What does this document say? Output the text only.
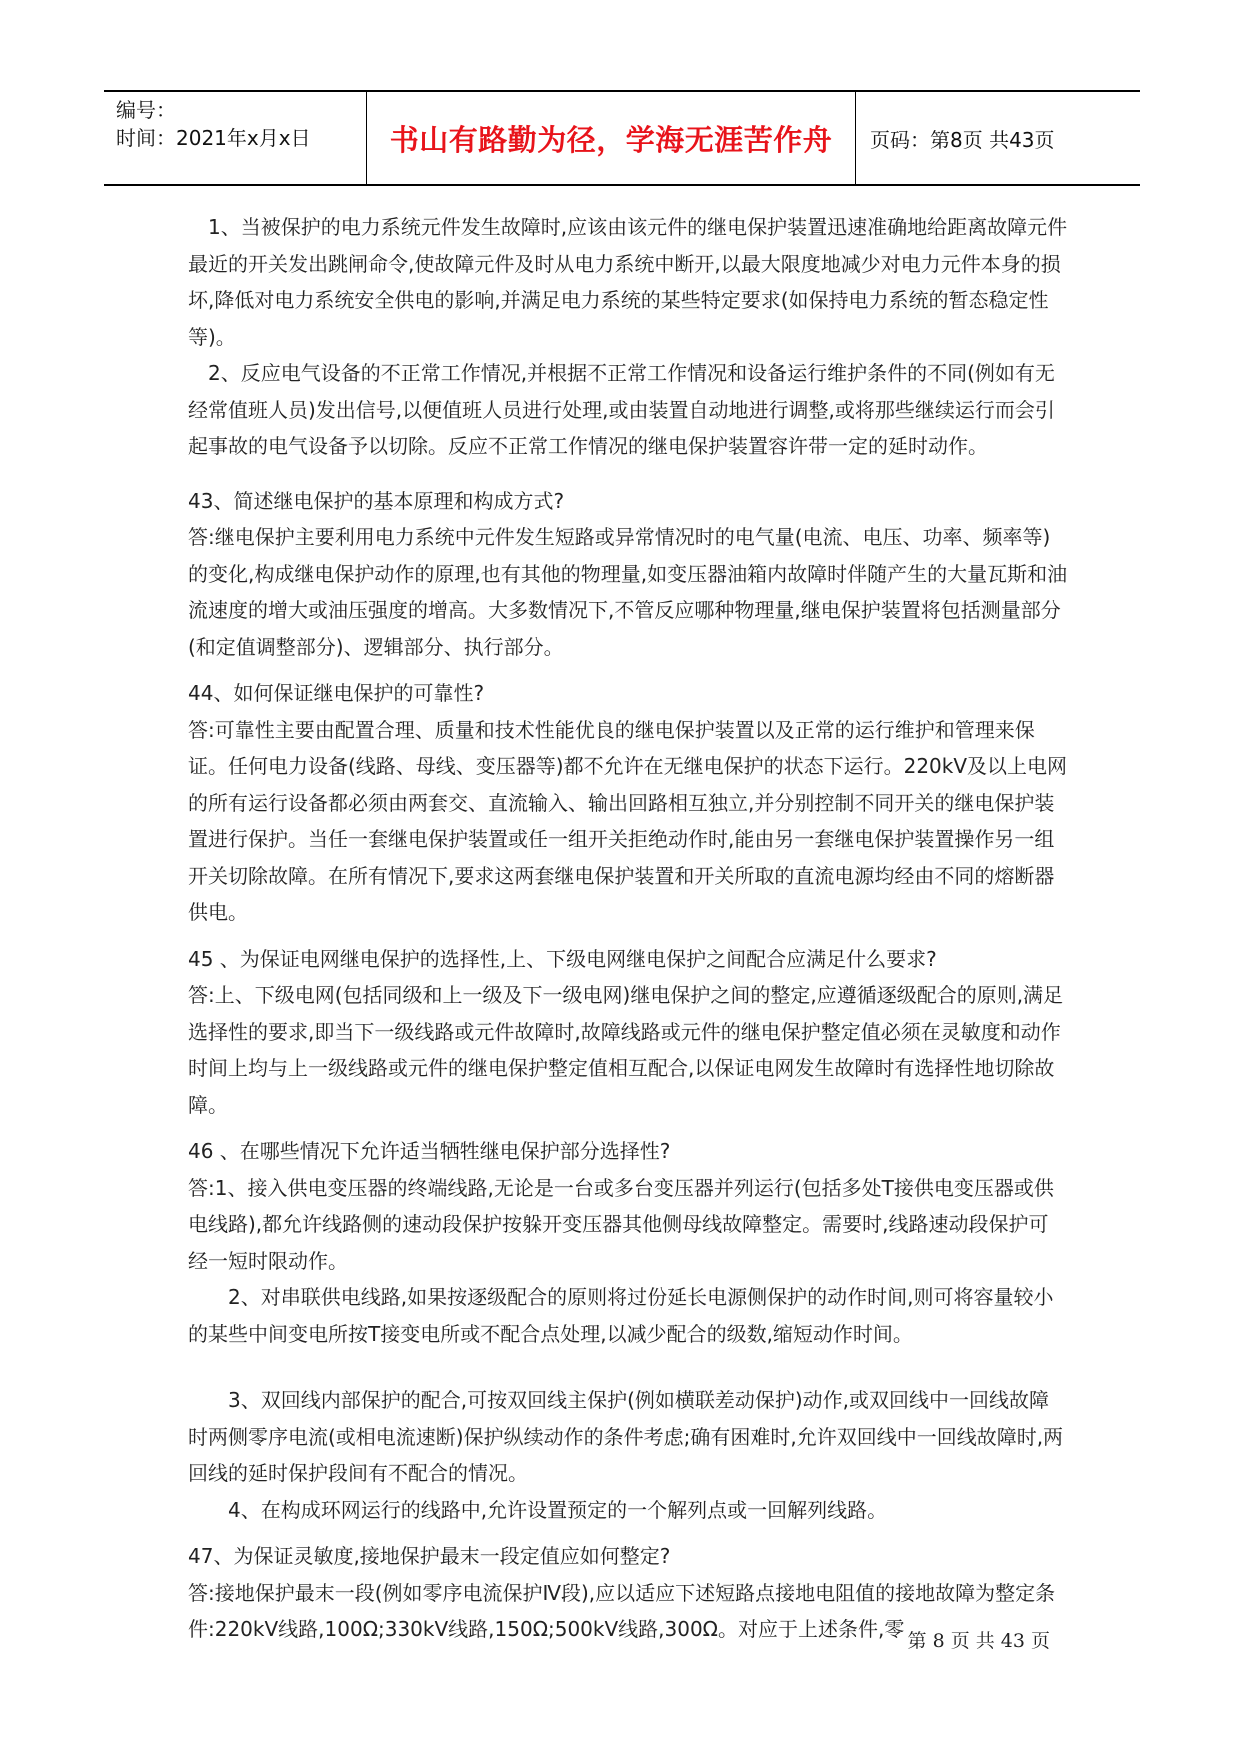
编号：
时间：2021年x月x日	书山有路勤为径，学海无涯苦作舟	页码：第8页 共43页

1、当被保护的电力系统元件发生故障时,应该由该元件的继电保护装置迅速准确地给距离故障元件最近的开关发出跳闸命令,使故障元件及时从电力系统中断开,以最大限度地减少对电力元件本身的损坏,降低对电力系统安全供电的影响,并满足电力系统的某些特定要求(如保持电力系统的暂态稳定性等)。

2、反应电气设备的不正常工作情况,并根据不正常工作情况和设备运行维护条件的不同(例如有无经常值班人员)发出信号,以便值班人员进行处理,或由装置自动地进行调整,或将那些继续运行而会引起事故的电气设备予以切除。反应不正常工作情况的继电保护装置容许带一定的延时动作。

43、简述继电保护的基本原理和构成方式?

答:继电保护主要利用电力系统中元件发生短路或异常情况时的电气量(电流、电压、功率、频率等)的变化,构成继电保护动作的原理,也有其他的物理量,如变压器油箱内故障时伴随产生的大量瓦斯和油流速度的增大或油压强度的增高。大多数情况下,不管反应哪种物理量,继电保护装置将包括测量部分(和定值调整部分)、逻辑部分、执行部分。

44、如何保证继电保护的可靠性?

答:可靠性主要由配置合理、质量和技术性能优良的继电保护装置以及正常的运行维护和管理来保证。任何电力设备(线路、母线、变压器等)都不允许在无继电保护的状态下运行。220kV及以上电网的所有运行设备都必须由两套交、直流输入、输出回路相互独立,并分别控制不同开关的继电保护装置进行保护。当任一套继电保护装置或任一组开关拒绝动作时,能由另一套继电保护装置操作另一组开关切除故障。在所有情况下,要求这两套继电保护装置和开关所取的直流电源均经由不同的熔断器供电。

45 、为保证电网继电保护的选择性,上、下级电网继电保护之间配合应满足什么要求?

答:上、下级电网(包括同级和上一级及下一级电网)继电保护之间的整定,应遵循逐级配合的原则,满足选择性的要求,即当下一级线路或元件故障时,故障线路或元件的继电保护整定值必须在灵敏度和动作时间上均与上一级线路或元件的继电保护整定值相互配合,以保证电网发生故障时有选择性地切除故障。

46 、在哪些情况下允许适当牺牲继电保护部分选择性?

答:1、接入供电变压器的终端线路,无论是一台或多台变压器并列运行(包括多处T接供电变压器或供电线路),都允许线路侧的速动段保护按躲开变压器其他侧母线故障整定。需要时,线路速动段保护可经一短时限动作。

2、对串联供电线路,如果按逐级配合的原则将过份延长电源侧保护的动作时间,则可将容量较小的某些中间变电所按T接变电所或不配合点处理,以减少配合的级数,缩短动作时间。

3、双回线内部保护的配合,可按双回线主保护(例如横联差动保护)动作,或双回线中一回线故障时两侧零序电流(或相电流速断)保护纵续动作的条件考虑;确有困难时,允许双回线中一回线故障时,两回线的延时保护段间有不配合的情况。

4、在构成环网运行的线路中,允许设置预定的一个解列点或一回解列线路。

47、为保证灵敏度,接地保护最末一段定值应如何整定?

答:接地保护最末一段(例如零序电流保护Ⅳ段),应以适应下述短路点接地电阻值的接地故障为整定条件:220kV线路,100Ω;330kV线路,150Ω;500kV线路,300Ω。对应于上述条件,零 第 8 页 共 43 页
